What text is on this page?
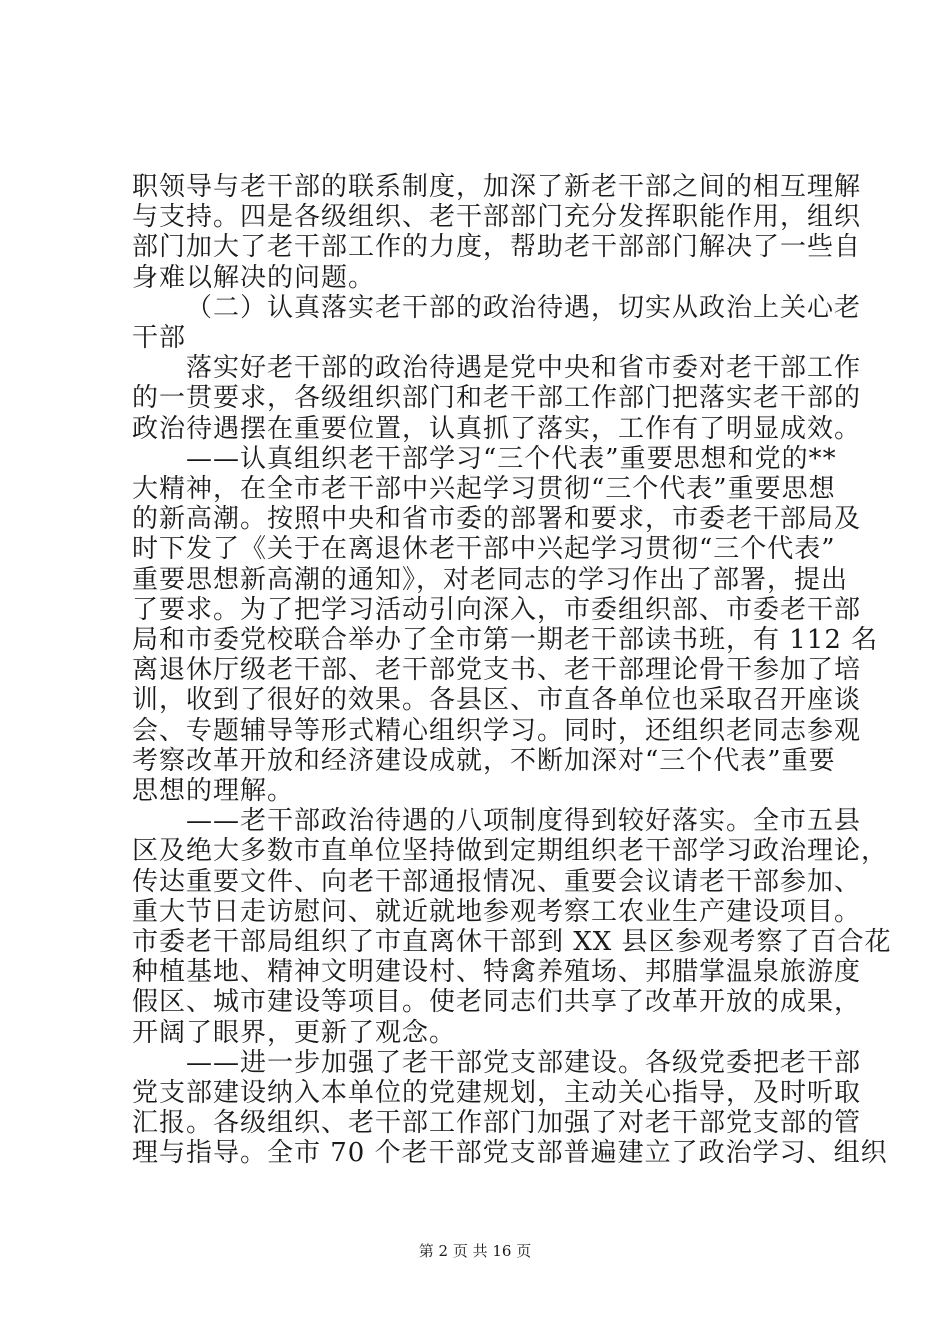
职领导与老干部的联系制度，加深了新老干部之间的相互理解
与支持。四是各级组织、老干部部门充分发挥职能作用，组织
部门加大了老干部工作的力度，帮助老干部部门解决了一些自
身难以解决的问题。
（二）认真落实老干部的政治待遇，切实从政治上关心老
干部
落实好老干部的政治待遇是党中央和省市委对老干部工作
的一贯要求，各级组织部门和老干部工作部门把落实老干部的
政治待遇摆在重要位置，认真抓了落实，工作有了明显成效。
——认真组织老干部学习“三个代表”重要思想和党的**
大精神，在全市老干部中兴起学习贯彻“三个代表”重要思想
的新高潮。按照中央和省市委的部署和要求，市委老干部局及
时下发了《关于在离退休老干部中兴起学习贯彻“三个代表”
重要思想新高潮的通知》，对老同志的学习作出了部署，提出
了要求。为了把学习活动引向深入，市委组织部、市委老干部
局和市委党校联合举办了全市第一期老干部读书班，有 112 名
离退休厅级老干部、老干部党支书、老干部理论骨干参加了培
训，收到了很好的效果。各县区、市直各单位也采取召开座谈
会、专题辅导等形式精心组织学习。同时，还组织老同志参观
考察改革开放和经济建设成就，不断加深对“三个代表”重要
思想的理解。
——老干部政治待遇的八项制度得到较好落实。全市五县
区及绝大多数市直单位坚持做到定期组织老干部学习政治理论，
传达重要文件、向老干部通报情况、重要会议请老干部参加、
重大节日走访慰问、就近就地参观考察工农业生产建设项目。
市委老干部局组织了市直离休干部到 XX 县区参观考察了百合花
种植基地、精神文明建设村、特禽养殖场、邦腊掌温泉旅游度
假区、城市建设等项目。使老同志们共享了改革开放的成果，
开阔了眼界，更新了观念。
——进一步加强了老干部党支部建设。各级党委把老干部
党支部建设纳入本单位的党建规划，主动关心指导，及时听取
汇报。各级组织、老干部工作部门加强了对老干部党支部的管
理与指导。全市 70 个老干部党支部普遍建立了政治学习、组织
第 2 页 共 16 页
